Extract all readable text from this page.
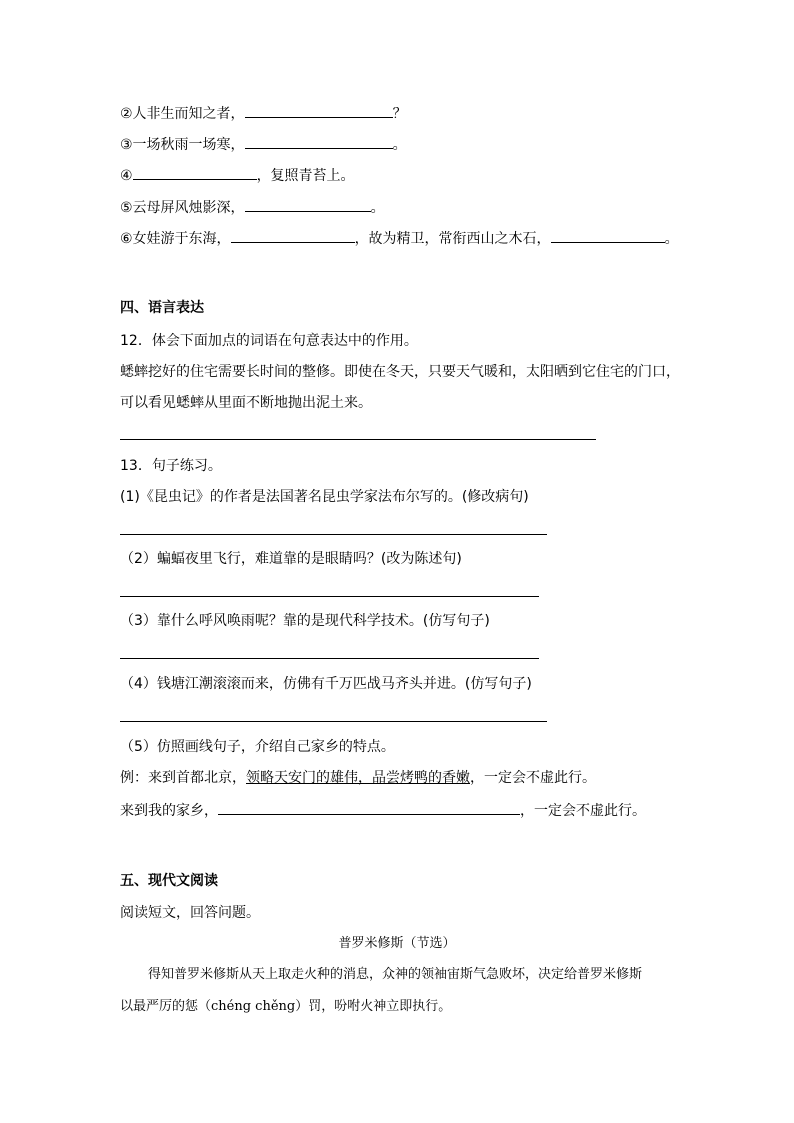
②人非生而知之者，	？
③一场秋雨一场寒，	。
④	，复照青苔上。
⑤云母屏风烛影深，	。
⑥女娃游于东海，	，故为精卫，常衔西山之木石，	。
四、语言表达
12．体会下面加点的词语在句意表达中的作用。
蟋蟀挖好的住宅需要长时间的整修。即使在冬天，只要天气暖和，太阳晒到它住宅的门口，
可以看见蟋蟀从里面不断地抛出泥土来。
13．句子练习。
(1)《昆虫记》的作者是法国著名昆虫学家法布尔写的。(修改病句)
（2）蝙蝠夜里飞行，难道靠的是眼睛吗？(改为陈述句)
（3）靠什么呼风唤雨呢？靠的是现代科学技术。(仿写句子)
（4）钱塘江潮滚滚而来，仿佛有千万匹战马齐头并进。(仿写句子)
（5）仿照画线句子，介绍自己家乡的特点。
例：来到首都北京，领略天安门的雄伟，品尝烤鸭的香嫩，一定会不虚此行。
来到我的家乡，	，一定会不虚此行。
五、现代文阅读
阅读短文，回答问题。
普罗米修斯（节选）
得知普罗米修斯从天上取走火种的消息，众神的领袖宙斯气急败坏，决定给普罗米修斯
以最严厉的惩（chéng chěng）罚，吩咐火神立即执行。
